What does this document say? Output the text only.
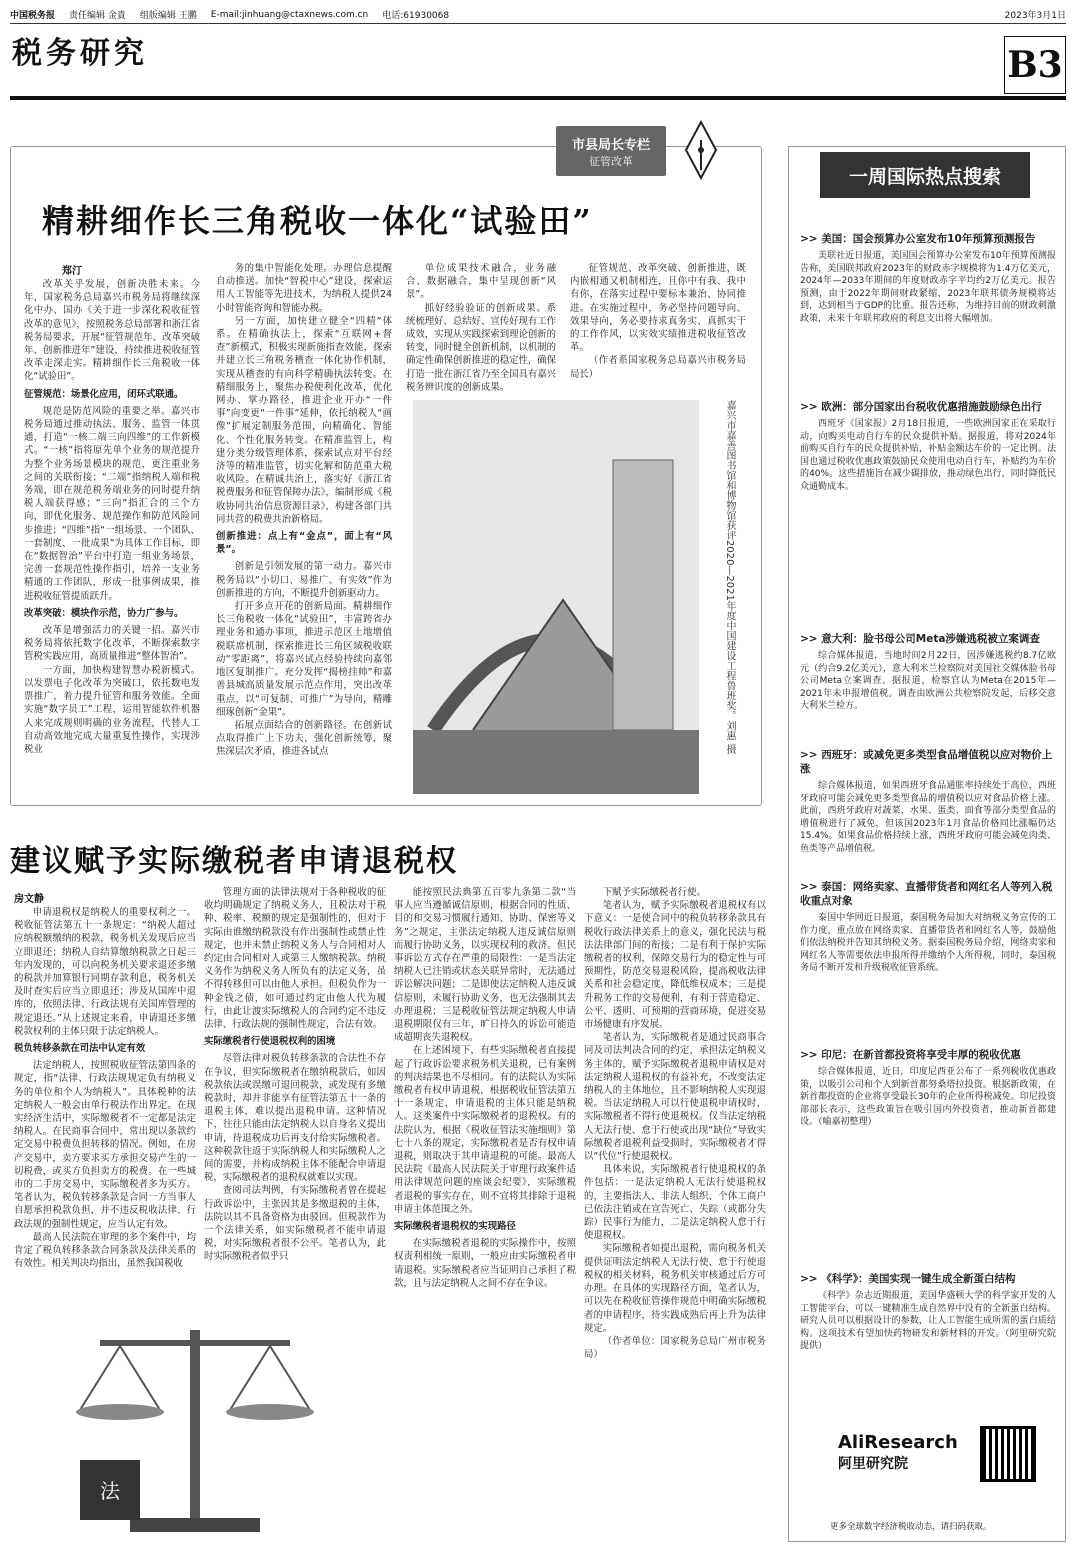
中国税务报 责任编辑 金貴 组版编辑 王鹏 E-mail:jinhuang@ctaxnews.com.cn 电话:61930068	2023年3月1日
税务研究	B3
市县局长专栏
征管改革
精耕细作长三角税收一体化“试验田”
郑汀

改革关乎发展，创新决胜未来。今年，国家税务总局嘉兴市税务局将继续深化中办、国办《关于进一步深化税收征管改革的意见》，按照税务总局部署和浙江省税务局要求，开展“征管规范年、改革突破年、创新推进年”建设，持续推进税收征管改革走深走实。精耕细作长三角税收一体化“试验田”。

征管规范：场景化应用，闭环式联通。

规范是防范风险的重要之举。嘉兴市税务局通过推动执法、服务、监管一体贯通，打造“一核二端三向四维”的工作新模式。“一核”指将原先单个业务的规范提升为整个业务场景模块的规范，更注重业务之间的关联衔接；“二端”指纳税人端和税务端，即在规范税务端业务的同时提升纳税人端获得感；“三向”指汇合的三个方向，即优化服务、规范操作和防范风险同步推进；“四维”指“一组场景、一个团队、一套制度、一批成果”为具体工作目标，即在“数据智治”平台中打造一组业务场景，完善一套规范性操作指引，培养一支业务精通的工作团队，形成一批事例成果，推进税收征管提质跃升。

改革突破：模块作示范，协力广参与。

改革是增强活力的关键一招。嘉兴市税务局将依托数字化改革，不断探索数字管税实践应用，高质量推进“整体智治”。

一方面，加快构建智慧办税新模式。以发票电子化改革为突破口，依托数电发票推广，着力提升征管和服务效能。全面实施“数字员工”工程，运用智能软件机器人来完成规则明确的业务流程，代替人工自动高效地完成大量重复性操作，实现涉税业

务的集中智能化处理。办理信息提醒自动推送。加快“智税中心”建设，探索运用人工智能等先进技术，为纳税人提供24小时智能咨询和智能办税。

另一方面，加快建立健全“四精”体系。在精确执法上，探索“互联网+督查”新模式，积极实现新施指查效能，探索并建立长三角税务稽查一体化协作机制，实现从稽查的有向科学精确执法转变。在精细服务上，聚焦办税便利化改革，优化网办、掌办路径，推进企业开办“一件事”向变更“一件事”延伸，依托纳税人“画像”扩展定制服务范围，向精确化、智能化、个性化服务转变。在精准监管上，构建分类分级管理体系，探索试点对平台经济等的精准监管，切实化解和防范重大税收风险。在精诚共治上，落实好《浙江省税费服务和征管保障办法》，编制形成《税收协同共治信息资源目录》，构建各部门共同共营的税费共治新格局。

创新推进：点上有“金点”，面上有“风景”。

创新是引领发展的第一动力。嘉兴市税务局以“小切口、易推广、有实效”作为创新推进的方向，不断提升创新驱动力。

打开多点开花的创新局面。精耕细作长三角税收一体化“试验田”，丰富跨省办理业务和通办事项，推进示范区土地增值税联席机制，探索推进长三角区域税收联动“零距离”，将嘉兴试点经验持续向嘉邻地区复制推广。充分发挥“揭榜挂帅”和嘉善县城高质量发展示范点作用，突出改革重点，以“可复制、可推广”为导向，精雕细琢创新“金果”。

拓展点面结合的创新路径。在创新试点取得推广上下功夫，强化创新统筹，聚焦深层次矛盾，推进各试点

单位成果技术融合，业务融合、数据融合，集中呈现创新“风景”。

抓好经验验证的创新成果。系统梳理好、总结好、宣传好现有工作成效，实现从实践探索到理论创新的转变，同时健全创新机制，以机制的确定性确保创新推进的稳定性，确保打造一批在浙江省乃至全国具有嘉兴税务辨识度的创新成果。

征管规范、改革突破、创新推进，既内嵌相通又机制相连，且你中有我、我中有你，在落实过程中要标本兼治、协同推进。在实施过程中，务必坚持问题导向、效果导向，务必要持求真务实、真抓实干的工作作风，以实效实绩推进税收征管改革。

（作者系国家税务总局嘉兴市税务局局长）

嘉兴市嘉善图书馆和博物馆获评2020—2021年度中国建设工程鲁班奖。刘惠 摄
建议赋予实际缴税者申请退税权
房文静

申请退税权是纳税人的重要权利之一。税收征管法第五十一条规定：“纳税人超过应纳税额缴纳的税款，税务机关发现后应当立即退还；纳税人自结算缴纳税款之日起三年内发现的，可以向税务机关要求退还多缴的税款并加算银行同期存款利息，税务机关及时查实后应当立即退还；涉及从国库中退库的，依照法律、行政法规有关国库管理的规定退还。”从上述规定来看，申请退还多缴税款权利的主体只限于法定纳税人。

税负转移条款在司法中认定有效

法定纳税人，按照税收征管法第四条的规定，指“法律、行政法规规定负有纳税义务的单位和个人为纳税人”。具体税种的法定纳税人一般会由单行税法作出界定。在现实经济生活中，实际缴税者不一定都是法定纳税人。在民商事合同中，常出现以条款约定交易中税费负担转移的情况。例如，在房产交易中，卖方要求买方承担交易产生的一切税费，或买方负担卖方的税费。在一些城市的二手房交易中，实际缴税者多为买方。笔者认为，税负转移条款是合同一方当事人自愿承担税款负担，并不违反税收法律、行政法规的强制性规定，应当认定有效。

最高人民法院在审理的多个案件中，均肯定了税负转移条款合同条款及法律关系的有效性。相关判决均指出，虽然我国税收

管理方面的法律法规对于各种税收的征收均明确规定了纳税义务人，且税法对于税种、税率、税额的规定是强制性的，但对于实际由谁缴纳税款没有作出强制性或禁止性规定，也并未禁止纳税义务人与合同相对人约定由合同相对人或第三人缴纳税款。纳税义务作为纳税义务人所负有的法定义务，虽不得转移但可以由他人承担。但税负作为一种金钱之债，如可通过约定由他人代为履行，由此让渡实际缴税人的合同约定不违反法律、行政法规的强制性规定，合法有效。

实际缴税者行使退税权利的困境

尽管法律对税负转移条款的合法性不存在争议，但实际缴税者在缴纳税款后，如因税款依法或误缴可退回税款，或发现有多缴税款时，却并非能享有征管法第五十一条的退税主体，难以提出退税申请。这种情况下，往往只能由法定纳税人以自身名义提出申请，待退税成功后再支付给实际缴税者。这种税款往返于实际纳税人和实际缴税人之间的需要，并构成纳税主体不能配合申请退税，实际缴税者的退税权就难以实现。

查阅司法判例，有实际缴税者曾在提起行政诉讼中，主张因其是多缴退税的主体，法院以其不具备资格为由驳回。但税款作为一个法律关系，如实际缴税者不能申请退税，对实际缴税者很不公平。笔者认为，此时实际缴税者似乎只

能按照民法典第五百零九条第二款“当事人应当遵循诚信原则，根据合同的性质、目的和交易习惯履行通知、协助、保密等义务”之规定，主张法定纳税人违反诚信原则而履行协助义务，以实现权利的救济。但民事诉讼方式存在严重的局限性：一是当法定纳税人已注销或状态关联异常时，无法通过诉讼解决问题；二是即使法定纳税人违反诚信原则，未履行协助义务，也无法强制其去办理退税；三是税收征管法规定纳税人申请退税期限仅有三年，旷日持久的诉讼可能造成超期丧失退税权。

在上述困境下，有些实际缴税者直接提起了行政诉讼要求税务机关退税，已有案例的判决结果也不尽相同。有的法院认为实际缴税者有权申请退税，根据税收征管法第五十一条规定，申请退税的主体只能是纳税人。这类案件中实际缴税者的退税权。有的法院认为，根据《税收征管法实施细则》第七十八条的规定，实际缴税者是否有权申请退税，则取决于其申请退税的可能。最高人民法院《最高人民法院关于审理行政案件适用法律规范问题的座谈会纪要》，实际缴税者退税的事实存在，则不宜将其排除于退税申请主体范围之外。

实际缴税者退税权的实现路径

在实际缴税者退税的实际操作中，按照权责利相统一原则，一般应由实际缴税者申请退税。实际缴税者应当证明自己承担了税款，且与法定纳税人之间不存在争议。

下赋予实际缴税者行使。

笔者认为，赋予实际缴税者退税权有以下意义：一是使合同中的税负转移条款具有税收行政法律关系上的意义，强化民法与税法法律部门间的衔接；二是有利于保护实际缴税者的权利，保障交易行为的稳定性与可预期性，防范交易退税风险，提高税收法律关系和社会稳定度，降低维权成本；三是提升税务工作的交易便利，有利于营造稳定、公平、透明、可预期的营商环境，促进交易市场健康有序发展。

笔者认为，实际缴税者是通过民商事合同及司法判决合同的约定，承担法定纳税义务主体的，赋予实际缴税者退税申请权是对法定纳税人退税权的有益补充，不改变法定纳税人的主体地位，且不影响纳税人实现退税。当法定纳税人可以行使退税申请权时，实际缴税者不得行使退税权。仅当法定纳税人无法行使、怠于行使或出现“缺位”导致实际缴税者退税利益受损时，实际缴税者才得以“代位”行使退税权。

具体来说，实际缴税者行使退税权的条件包括：一是法定纳税人无法行使退税权的，主要指法人、非法人组织、个体工商户已依法注销或在宣告死亡、失踪（或都分失踪）民事行为能力，二是法定纳税人怠于行使退税权。

实际缴税者如提出退税，需向税务机关提供证明法定纳税人无法行使、怠于行使退税权的相关材料，税务机关审核通过后方可办理。在具体的实现路径方面，笔者认为，可以先在税收征管操作规范中明确实际缴税者的申请程序，待实践成熟后再上升为法律规定。

（作者单位：国家税务总局广州市税务局）

法
一周国际热点搜索
>> 美国：国会预算办公室发布10年预算预测报告

美联社近日报道，美国国会预算办公室发布10年预算预测报告称，美国联邦政府2023年的财政赤字规模将为1.4万亿美元，2024年—2033年期间的年度财政赤字平均约2万亿美元。报告预测，由于2022年期间财政紧缩，2023年联邦债务规模将达到，达到相当于GDP的比重。报告还称，为维持目前的财政刺激政策，未来十年联邦政府的利息支出将大幅增加。

>> 欧洲：部分国家出台税收优惠措施鼓励绿色出行

西班牙《国家报》2月18日报道，一些欧洲国家正在采取行动，向购买电动自行车的民众提供补贴。据报道，将对2024年前购买自行车的民众提供补贴，补贴金额达车价的一定比例。法国也通过税收优惠政策鼓励民众使用电动自行车，补贴约为车价的40%。这些措施旨在减少碳排放，推动绿色出行，同时降低民众通勤成本。

>> 意大利：脸书母公司Meta涉嫌逃税被立案调查

综合媒体报道，当地时间2月22日，因涉嫌逃税约8.7亿欧元（约合9.2亿美元），意大利米兰检察院对美国社交媒体脸书母公司Meta立案调查。据报道，检察官认为Meta在2015年—2021年未申报增值税。调查由欧洲公共检察院发起，后移交意大利米兰检方。

>> 西班牙：或减免更多类型食品增值税以应对物价上涨

综合媒体报道，如果西班牙食品通胀率持续处于高位，西班牙政府可能会减免更多类型食品的增值税以应对食品价格上涨。此前，西班牙政府对蔬菜、水果、蛋类、面食等部分类型食品的增值税进行了减免，但该国2023年1月食品价格同比涨幅仍达15.4%。如果食品价格持续上涨，西班牙政府可能会减免肉类、鱼类等产品增值税。

>> 泰国：网络卖家、直播带货者和网红名人等列入税收重点对象

泰国中华网近日报道，泰国税务局加大对纳税义务宣传的工作力度，重点放在网络卖家、直播带货者和网红名人等，鼓励他们依法纳税并告知其纳税义务。据泰国税务局介绍，网络卖家和网红名人等需要依法申报所得并缴纳个人所得税，同时，泰国税务局不断开发和升级税收征管系统。

>> 印尼：在新首都投资将享受丰厚的税收优惠

综合媒体报道，近日，印度尼西亚公布了一系列税收优惠政策，以吸引公司和个人到新首都努桑塔拉投资。根据新政策，在新首都投资的企业将享受最长30年的企业所得税减免。印尼投资部部长表示，这些政策旨在吸引国内外投资者，推动新首都建设。（喻嘉初整理）

>> 《科学》：美国实现一键生成全新蛋白结构

《科学》杂志近期报道，美国华盛顿大学的科学家开发的人工智能平台，可以一键精准生成自然界中没有的全新蛋白结构。研究人员可以根据设计的参数，让人工智能生成所需的蛋白质结构。这项技术有望加快药物研发和新材料的开发。（阿里研究院提供）

AliResearch
阿里研究院
更多全球数字经济税收动态，请扫码获取。
